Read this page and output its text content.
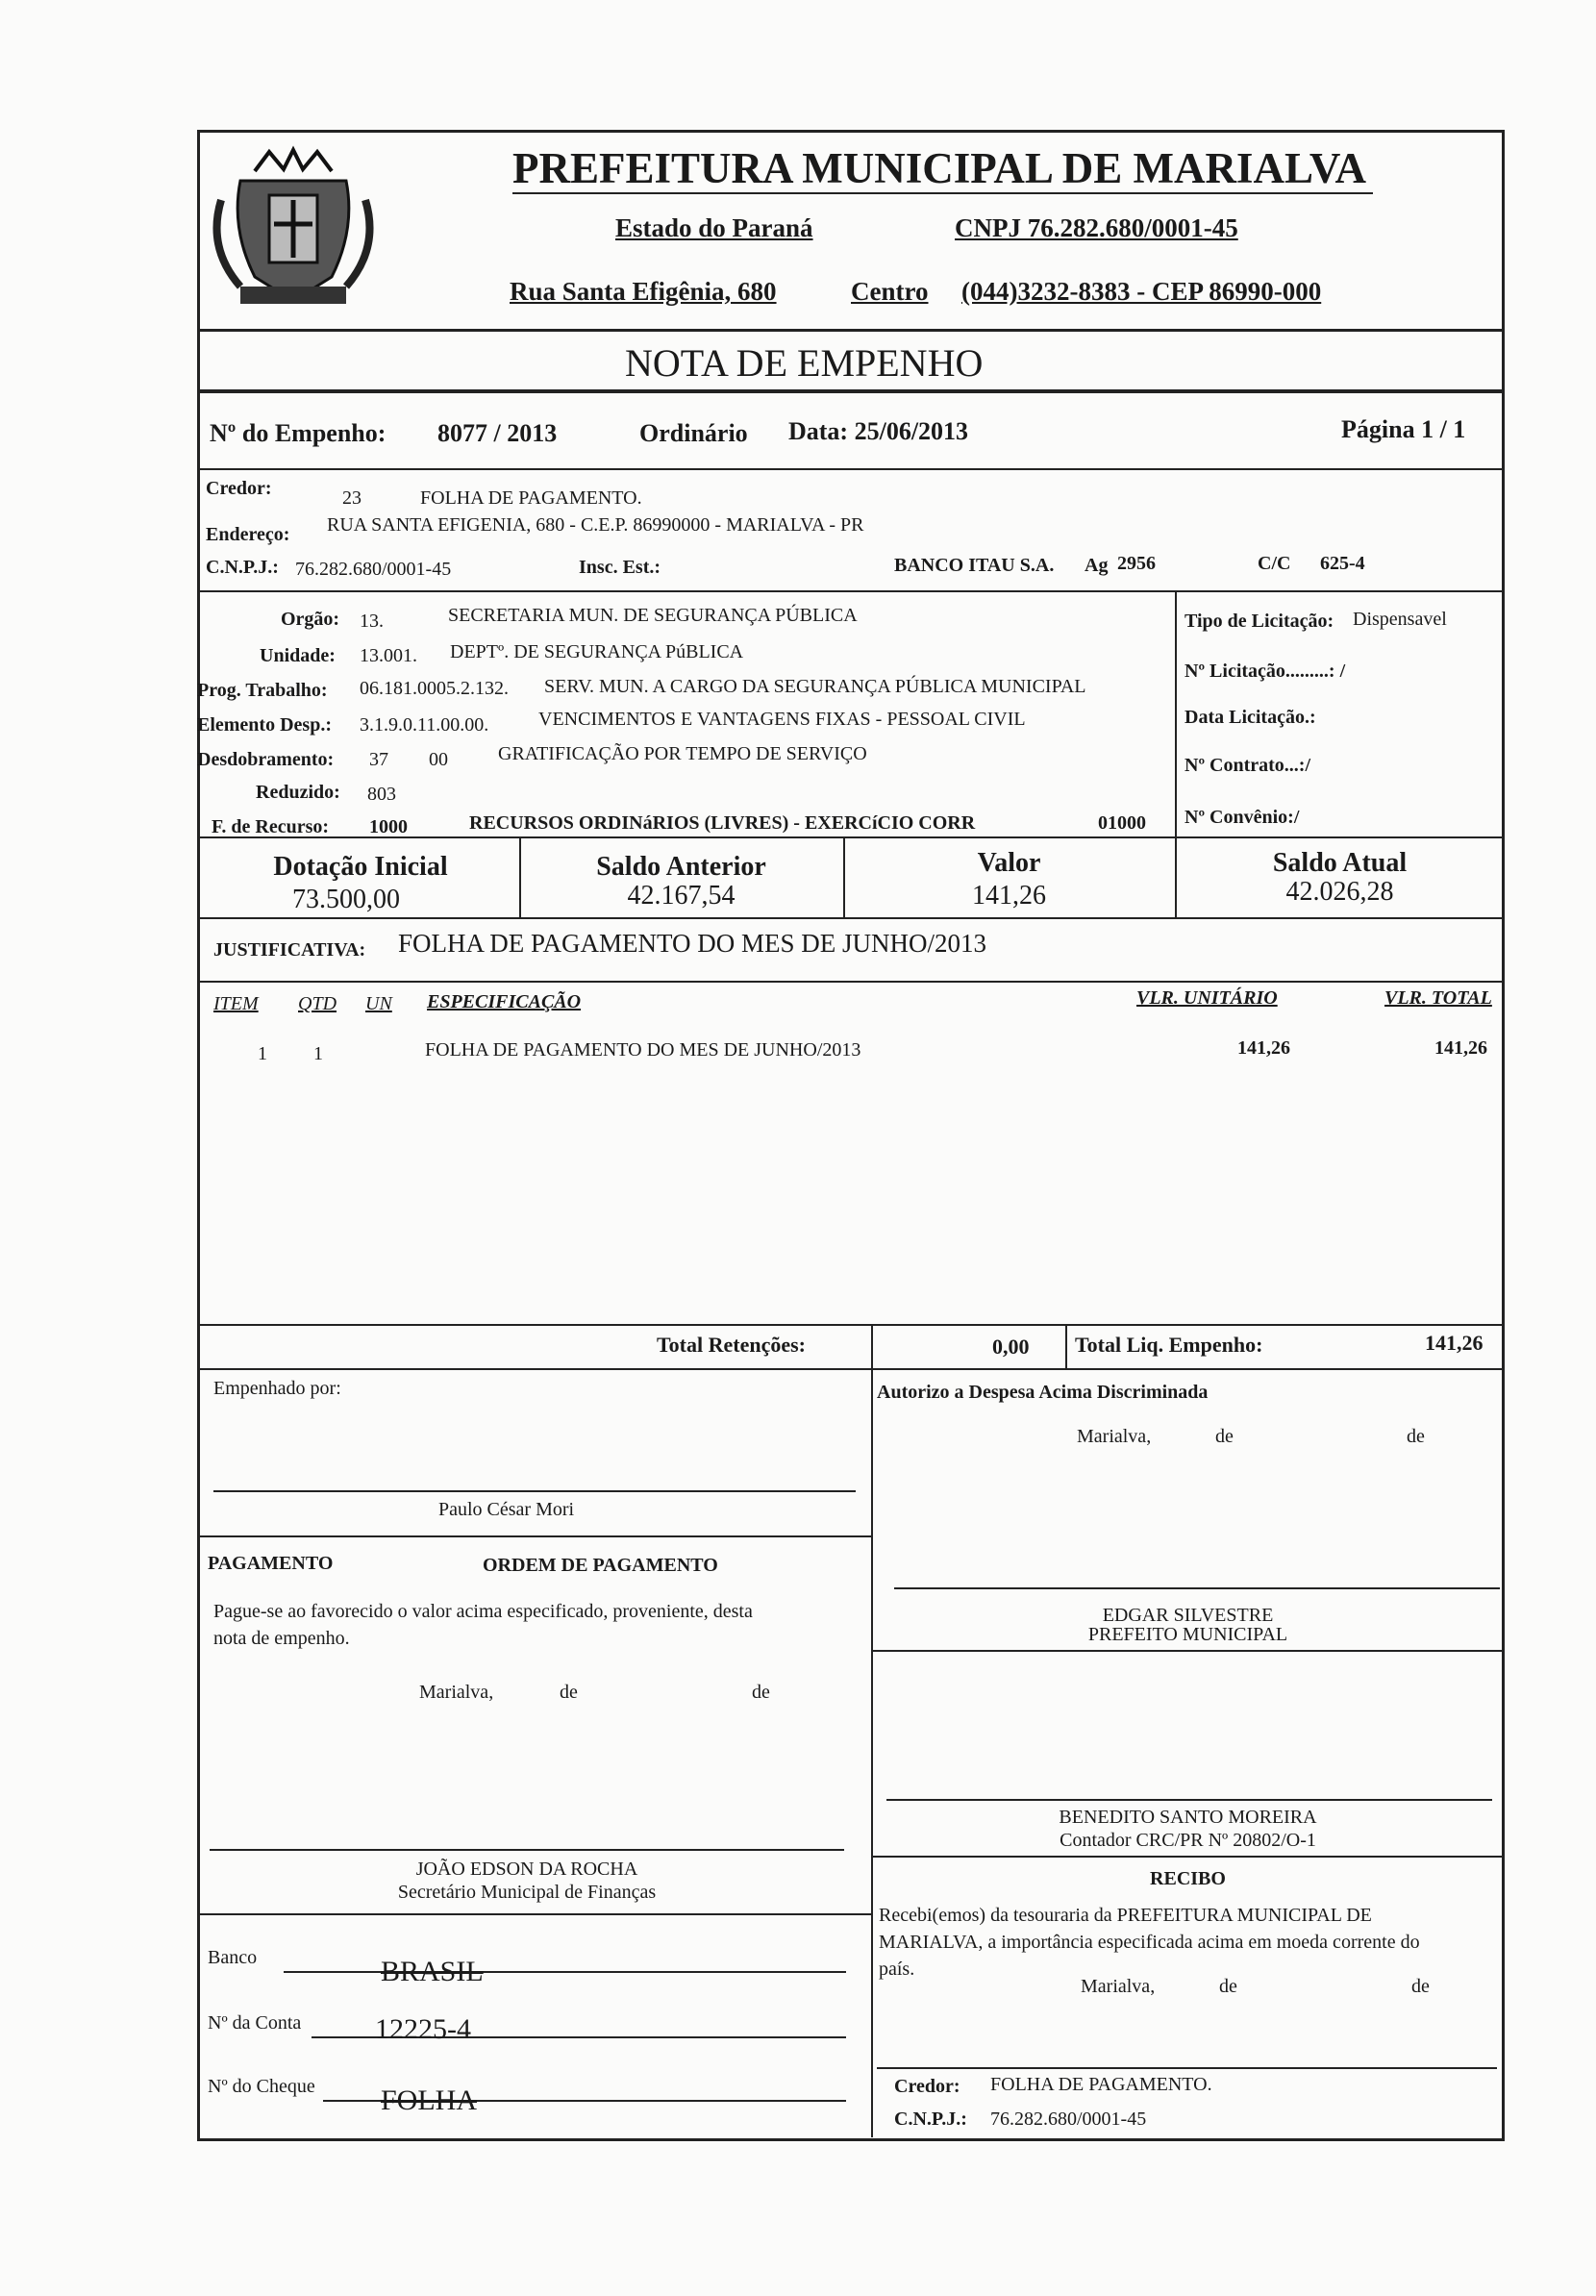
PREFEITURA MUNICIPAL DE MARIALVA
Estado do Paraná	CNPJ 76.282.680/0001-45
Rua Santa Efigênia, 680	Centro (044)3232-8383 - CEP 86990-000
NOTA DE EMPENHO
Nº do Empenho: 8077 / 2013	Ordinário Data: 25/06/2013	Página 1 / 1
Credor:	23	FOLHA DE PAGAMENTO.
Endereço: RUA SANTA EFIGENIA, 680 - C.E.P. 86990000 - MARIALVA - PR
C.N.P.J.: 76.282.680/0001-45	Insc. Est.:	BANCO ITAU S.A. Ag 2956	C/C 625-4
Orgão: 13.	SECRETARIA MUN. DE SEGURANÇA PÚBLICA
Unidade: 13.001. DEPTº. DE SEGURANÇA PúBLICA
Prog. Trabalho: 06.181.0005.2.132. SERV. MUN. A CARGO DA SEGURANÇA PÚBLICA MUNICIPAL
Elemento Desp.: 3.1.9.0.11.00.00.	VENCIMENTOS E VANTAGENS FIXAS - PESSOAL CIVIL
Desdobramento: 37 00	GRATIFICAÇÃO POR TEMPO DE SERVIÇO
Reduzido: 803
F. de Recurso: 1000	RECURSOS ORDINáRIOS (LIVRES) - EXERCíCIO CORR	01000
Tipo de Licitação: Dispensavel
Nº Licitação.........: /
Data Licitação.:
Nº Contrato...:/
Nº Convênio:/
Dotação Inicial
73.500,00
Saldo Anterior
42.167,54
Valor
141,26
Saldo Atual
42.026,28
JUSTIFICATIVA: FOLHA DE PAGAMENTO DO MES DE JUNHO/2013
ITEM QTD UN ESPECIFICAÇÃO	VLR. UNITÁRIO	VLR. TOTAL
1 1	FOLHA DE PAGAMENTO DO MES DE JUNHO/2013	141,26	141,26
Total Retenções:	0,00 Total Liq. Empenho:	141,26
Empenhado por:
Paulo César Mori
Autorizo a Despesa Acima Discriminada
Marialva,	de	de
PAGAMENTO	ORDEM DE PAGAMENTO
Pague-se ao favorecido o valor acima especificado, proveniente, desta
nota de empenho.
Marialva,	de	de
JOÃO EDSON DA ROCHA
Secretário Municipal de Finanças
EDGAR SILVESTRE
PREFEITO MUNICIPAL
BENEDITO SANTO MOREIRA
Contador CRC/PR Nº 20802/O-1
RECIBO
Recebi(emos) da tesouraria da PREFEITURA MUNICIPAL DE
MARIALVA, a importância especificada acima em moeda corrente do
país.
Marialva,	de	de
Credor: FOLHA DE PAGAMENTO.
C.N.P.J.: 76.282.680/0001-45
Banco	BRASIL
Nº da Conta	12225-4
Nº do Cheque FOLHA
